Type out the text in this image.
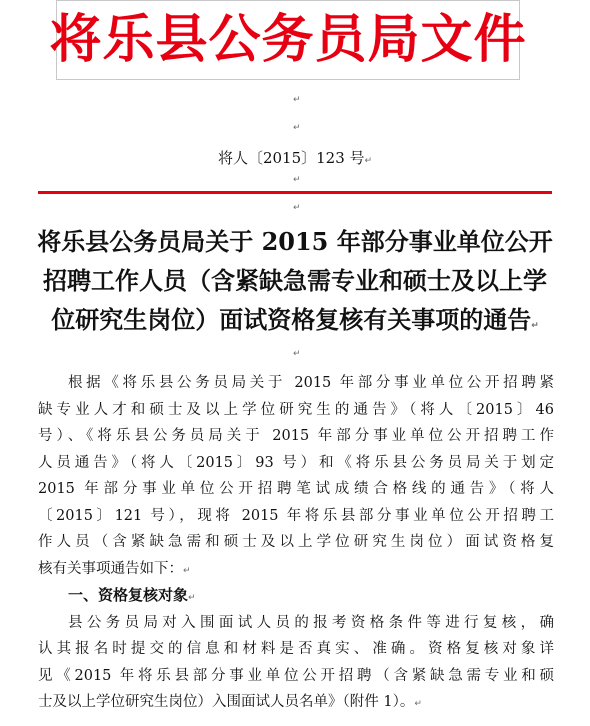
将乐县公务员局文件
↵
↵
将人〔2015〕123 号↵
↵
↵
将乐县公务员局关于 2015 年部分事业单位公开
招聘工作人员（含紧缺急需专业和硕士及以上学
位研究生岗位）面试资格复核有关事项的通告↵
↵
根据《将乐县公务员局关于 2015 年部分事业单位公开招聘紧
缺专业人才和硕士及以上学位研究生的通告》（将人〔2015〕46
号）、《将乐县公务员局关于 2015 年部分事业单位公开招聘工作
人员通告》（将人〔2015〕93 号）和《将乐县公务员局关于划定
2015 年部分事业单位公开招聘笔试成绩合格线的通告》（将人
〔2015〕121 号），现将 2015 年将乐县部分事业单位公开招聘工
作人员（含紧缺急需和硕士及以上学位研究生岗位）面试资格复
核有关事项通告如下：↵
一、资格复核对象↵
县公务员局对入围面试人员的报考资格条件等进行复核，确
认其报名时提交的信息和材料是否真实、准确。资格复核对象详
见《2015 年将乐县部分事业单位公开招聘（含紧缺急需专业和硕
士及以上学位研究生岗位）入围面试人员名单》（附件 1）。↵
